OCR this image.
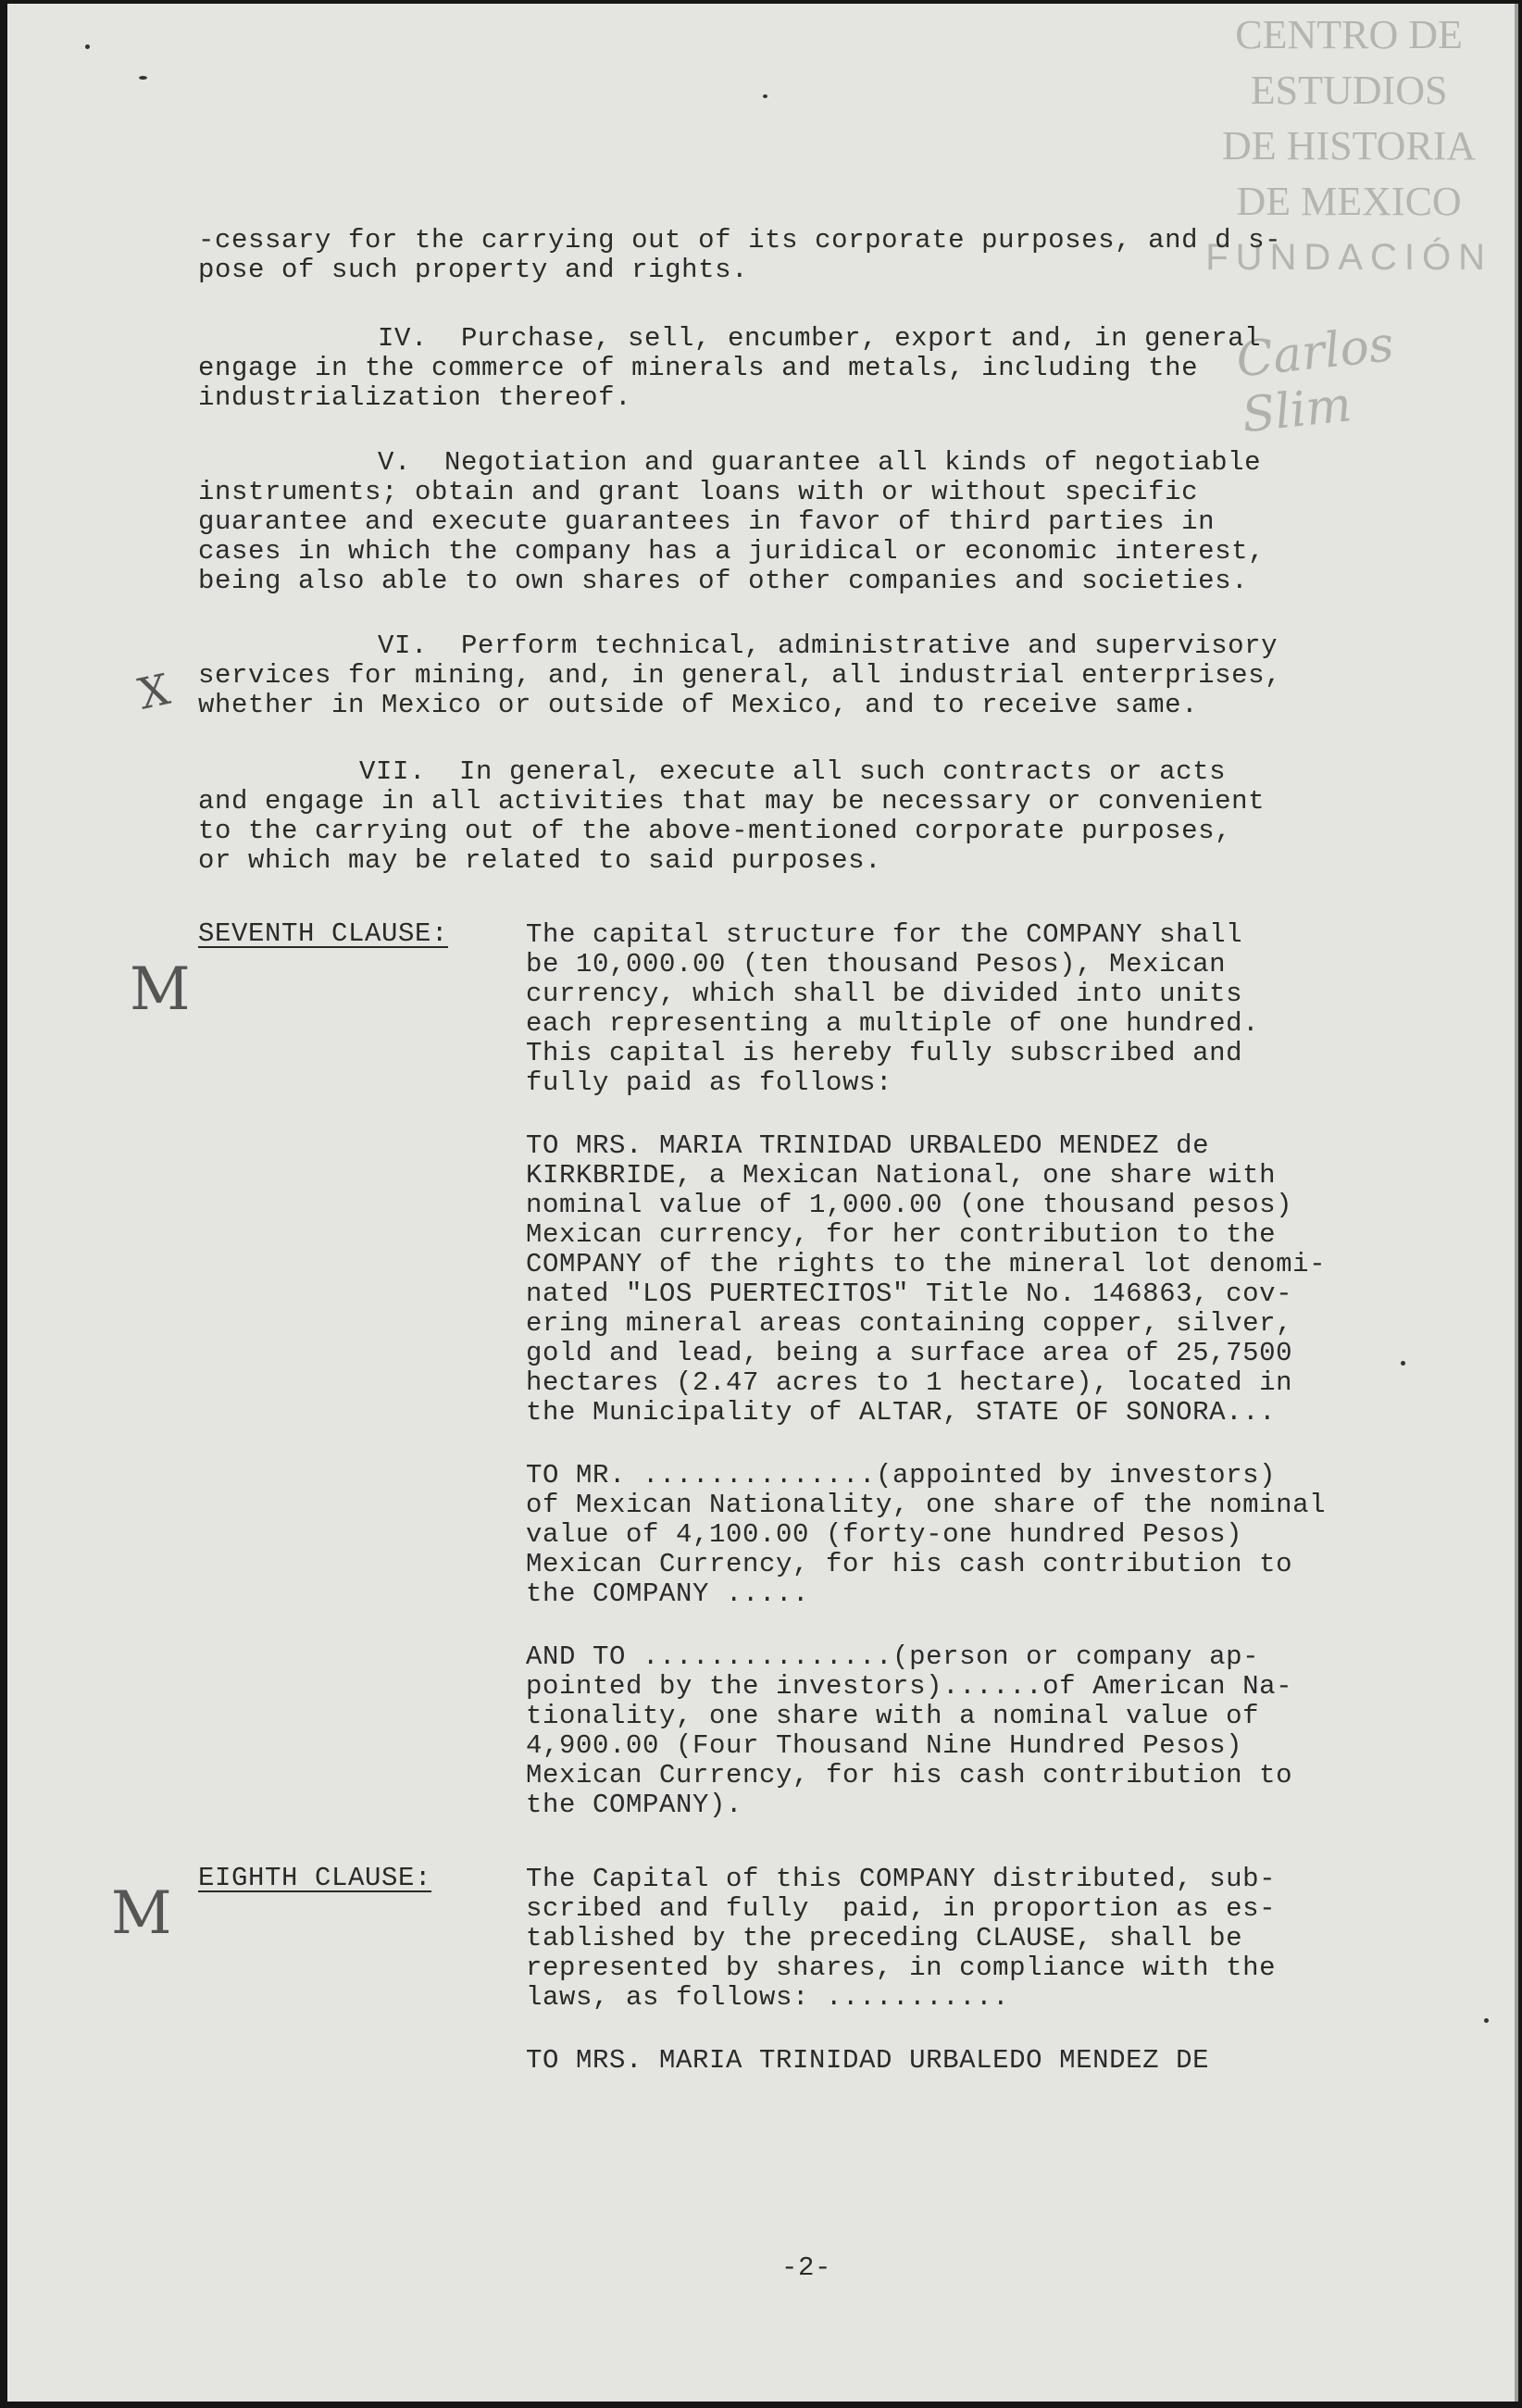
CENTRO DE
ESTUDIOS
DE HISTORIA
DE MEXICO
FUNDACIÓN
Carlos Slim
-cessary for the carrying out of its corporate purposes, and d s-
pose of such property and rights.
IV.  Purchase, sell, encumber, export and, in general
engage in the commerce of minerals and metals, including the
industrialization thereof.
V.  Negotiation and guarantee all kinds of negotiable
instruments; obtain and grant loans with or without specific
guarantee and execute guarantees in favor of third parties in
cases in which the company has a juridical or economic interest,
being also able to own shares of other companies and societies.
VI.  Perform technical, administrative and supervisory
services for mining, and, in general, all industrial enterprises,
whether in Mexico or outside of Mexico, and to receive same.
X
VII.  In general, execute all such contracts or acts
and engage in all activities that may be necessary or convenient
to the carrying out of the above-mentioned corporate purposes,
or which may be related to said purposes.
SEVENTH CLAUSE:
M
The capital structure for the COMPANY shall
be 10,000.00 (ten thousand Pesos), Mexican
currency, which shall be divided into units
each representing a multiple of one hundred.
This capital is hereby fully subscribed and
fully paid as follows:
TO MRS. MARIA TRINIDAD URBALEDO MENDEZ de
KIRKBRIDE, a Mexican National, one share with
nominal value of 1,000.00 (one thousand pesos)
Mexican currency, for her contribution to the
COMPANY of the rights to the mineral lot denomi-
nated "LOS PUERTECITOS" Title No. 146863, cov-
ering mineral areas containing copper, silver,
gold and lead, being a surface area of 25,7500
hectares (2.47 acres to 1 hectare), located in
the Municipality of ALTAR, STATE OF SONORA...
TO MR. ..............(appointed by investors)
of Mexican Nationality, one share of the nominal
value of 4,100.00 (forty-one hundred Pesos)
Mexican Currency, for his cash contribution to
the COMPANY .....
AND TO ...............(person or company ap-
pointed by the investors)......of American Na-
tionality, one share with a nominal value of
4,900.00 (Four Thousand Nine Hundred Pesos)
Mexican Currency, for his cash contribution to
the COMPANY).
EIGHTH CLAUSE:
M
The Capital of this COMPANY distributed, sub-
scribed and fully  paid, in proportion as es-
tablished by the preceding CLAUSE, shall be
represented by shares, in compliance with the
laws, as follows: ...........
TO MRS. MARIA TRINIDAD URBALEDO MENDEZ DE
-2-
